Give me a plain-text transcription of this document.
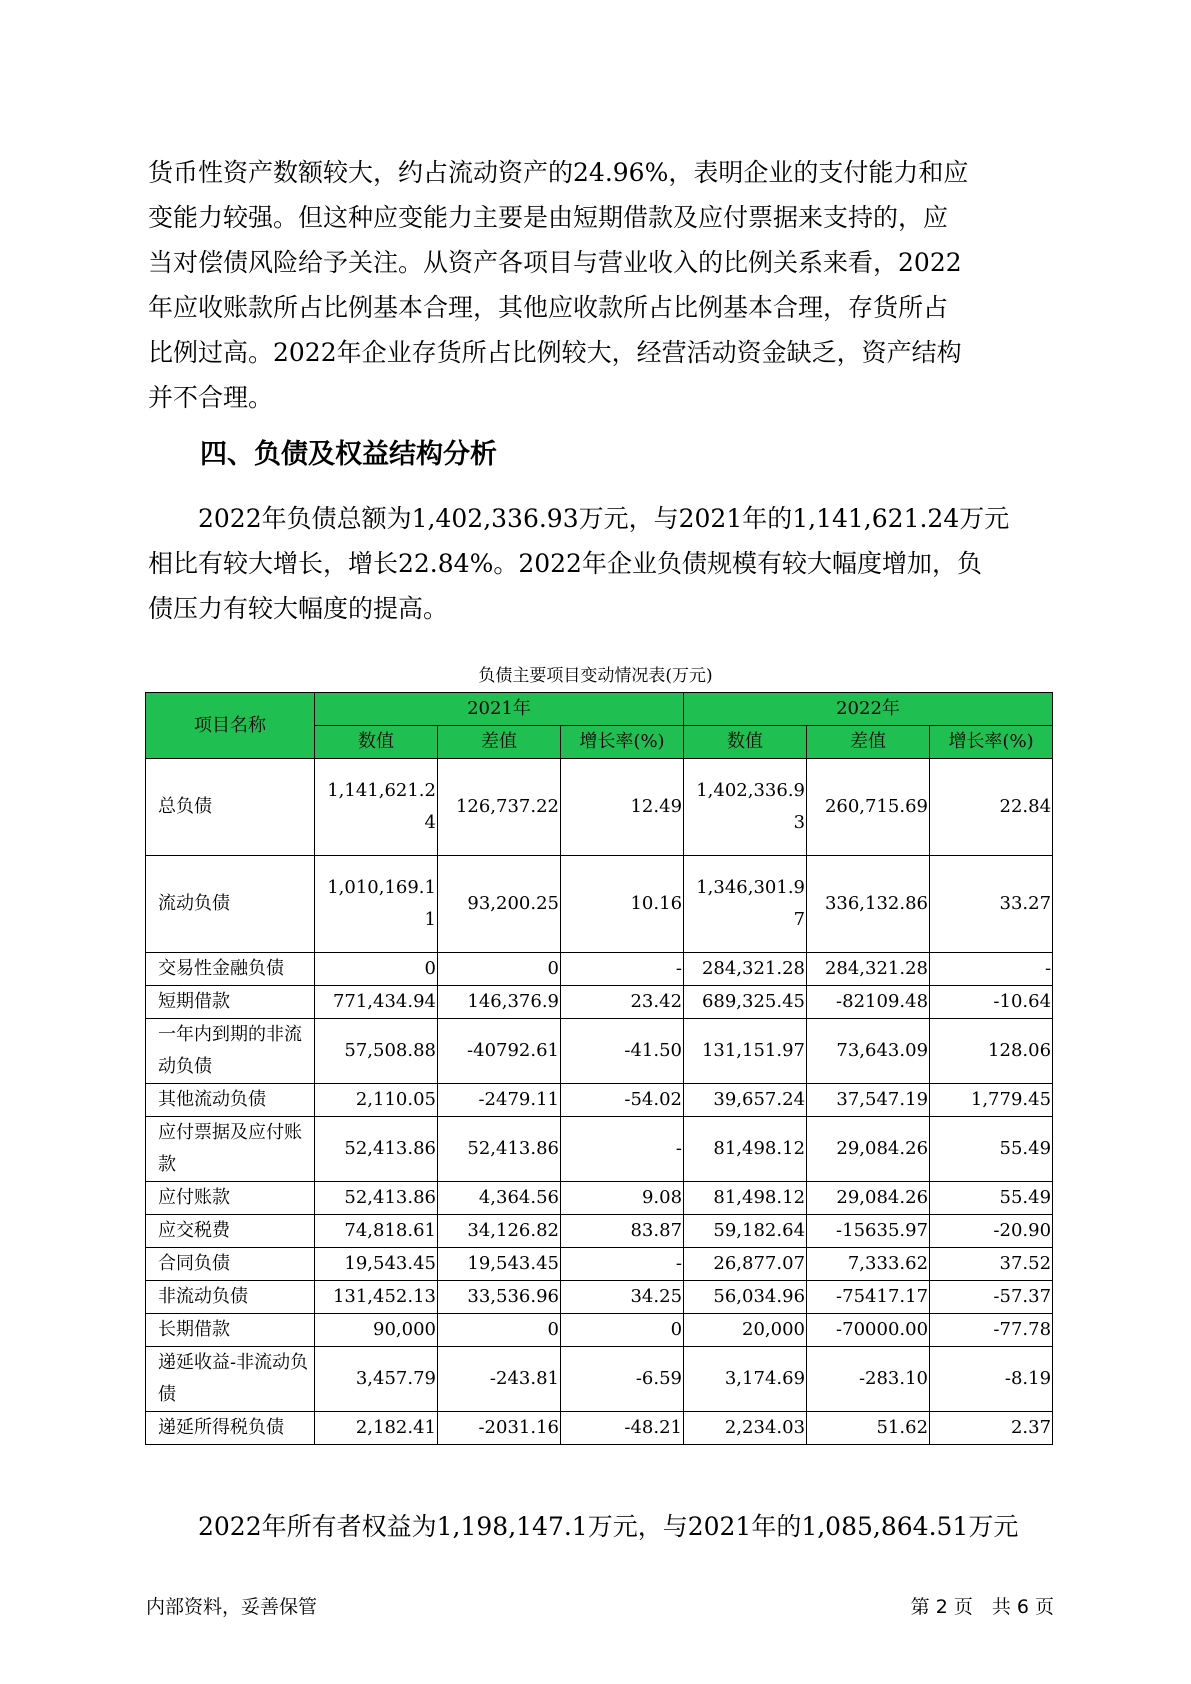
货币性资产数额较大，约占流动资产的24.96%，表明企业的支付能力和应
变能力较强。但这种应变能力主要是由短期借款及应付票据来支持的，应
当对偿债风险给予关注。从资产各项目与营业收入的比例关系来看，2022
年应收账款所占比例基本合理，其他应收款所占比例基本合理，存货所占
比例过高。2022年企业存货所占比例较大，经营活动资金缺乏，资产结构
并不合理。
四、负债及权益结构分析
　　2022年负债总额为1,402,336.93万元，与2021年的1,141,621.24万元
相比有较大增长，增长22.84%。2022年企业负债规模有较大幅度增加，负
债压力有较大幅度的提高。
负债主要项目变动情况表(万元)
项目名称	2021年			2022年		
	数值	差值	增长率(%)	数值	差值	增长率(%)
总负债	1,141,621.24	126,737.22	12.49	1,402,336.93	260,715.69	22.84
流动负债	1,010,169.11	93,200.25	10.16	1,346,301.97	336,132.86	33.27
交易性金融负债	0	0	-	284,321.28	284,321.28	-
短期借款	771,434.94	146,376.9	23.42	689,325.45	-82109.48	-10.64
一年内到期的非流动负债	57,508.88	-40792.61	-41.50	131,151.97	73,643.09	128.06
其他流动负债	2,110.05	-2479.11	-54.02	39,657.24	37,547.19	1,779.45
应付票据及应付账款	52,413.86	52,413.86	-	81,498.12	29,084.26	55.49
应付账款	52,413.86	4,364.56	9.08	81,498.12	29,084.26	55.49
应交税费	74,818.61	34,126.82	83.87	59,182.64	-15635.97	-20.90
合同负债	19,543.45	19,543.45	-	26,877.07	7,333.62	37.52
非流动负债	131,452.13	33,536.96	34.25	56,034.96	-75417.17	-57.37
长期借款	90,000	0	0	20,000	-70000.00	-77.78
递延收益-非流动负债	3,457.79	-243.81	-6.59	3,174.69	-283.10	-8.19
递延所得税负债	2,182.41	-2031.16	-48.21	2,234.03	51.62	2.37
　　2022年所有者权益为1,198,147.1万元，与2021年的1,085,864.51万元
内部资料，妥善保管	第 2 页　共 6 页
